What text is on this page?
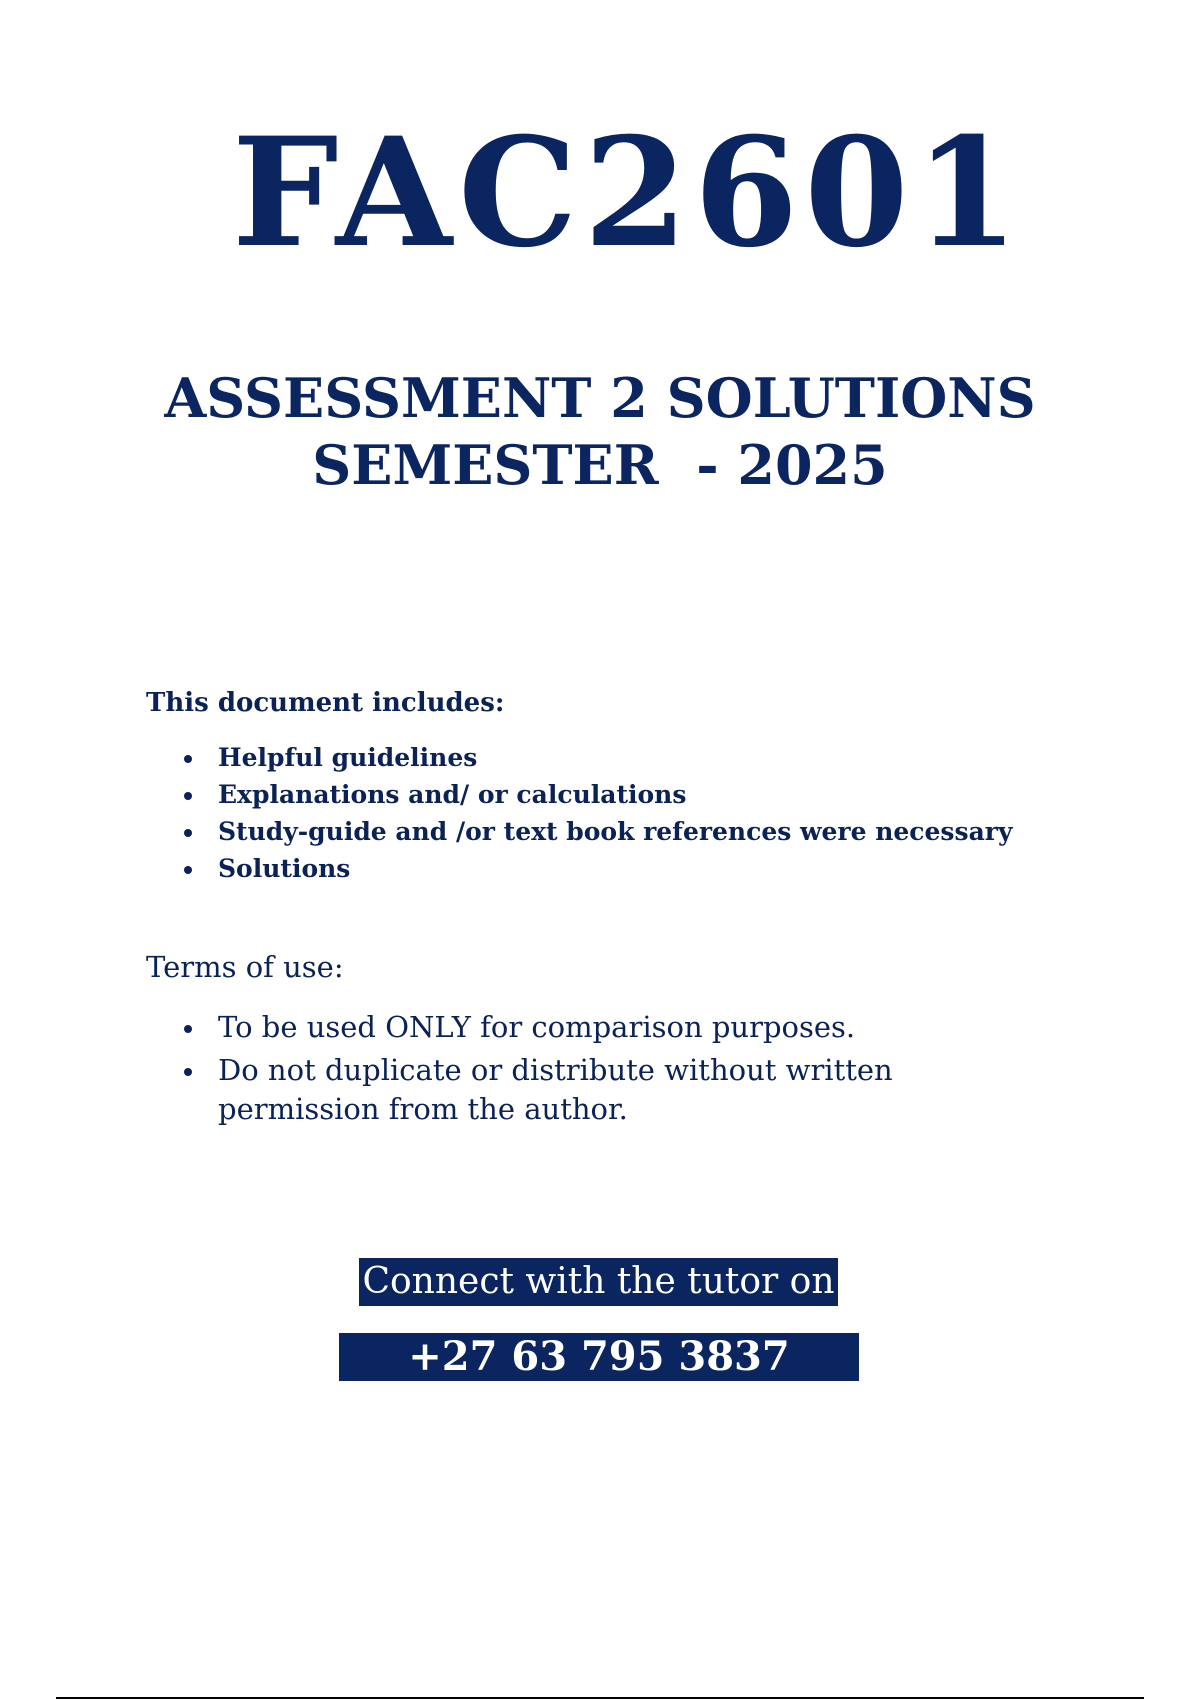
FAC2601
ASSESSMENT 2 SOLUTIONS
SEMESTER  - 2025
This document includes:
Helpful guidelines
Explanations and/ or calculations
Study-guide and /or text book references were necessary
Solutions
Terms of use:
To be used ONLY for comparison purposes.
Do not duplicate or distribute without written permission from the author.
Connect with the tutor on
+27 63 795 3837
